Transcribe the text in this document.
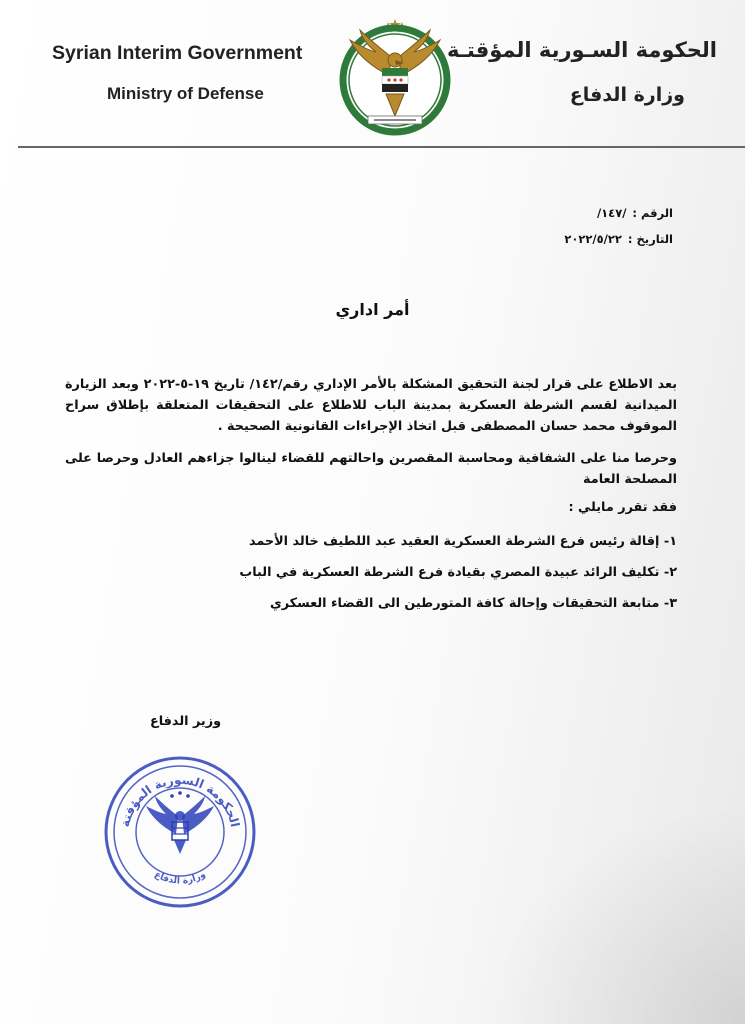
Syrian Interim Government
Ministry of Defense
الحكومة السـورية المؤقتـة
وزارة الدفاع
الرقم :/١٤٧/
التاريخ :٢٠٢٢/٥/٢٢
أمر اداري
بعد الاطلاع على قرار لجنة التحقيق المشكلة بالأمر الإداري رقم/١٤٢/ تاريخ ١٩-٥-٢٠٢٢ وبعد الزيارة الميدانية لقسم الشرطة العسكرية بمدينة الباب للاطلاع على التحقيقات المتعلقة بإطلاق سراح الموقوف محمد حسان المصطفى قبل اتخاذ الإجراءات القانونية الصحيحة .
وحرصا منا على الشفافية ومحاسبة المقصرين واحالتهم للقضاء لينالوا جزاءهم العادل وحرصا على المصلحة العامة
فقد تقرر مايلي :
١- إقالة رئيس فرع الشرطة العسكرية العقيد عبد اللطيف خالد الأحمد
٢- تكليف الرائد عبيدة المصري بقيادة فرع الشرطة العسكرية في الباب
٣- متابعة التحقيقات وإحالة كافة المتورطين الى القضاء العسكري
وزير الدفاع
الحكومة السورية المؤقتة
وزارة الدفاع
